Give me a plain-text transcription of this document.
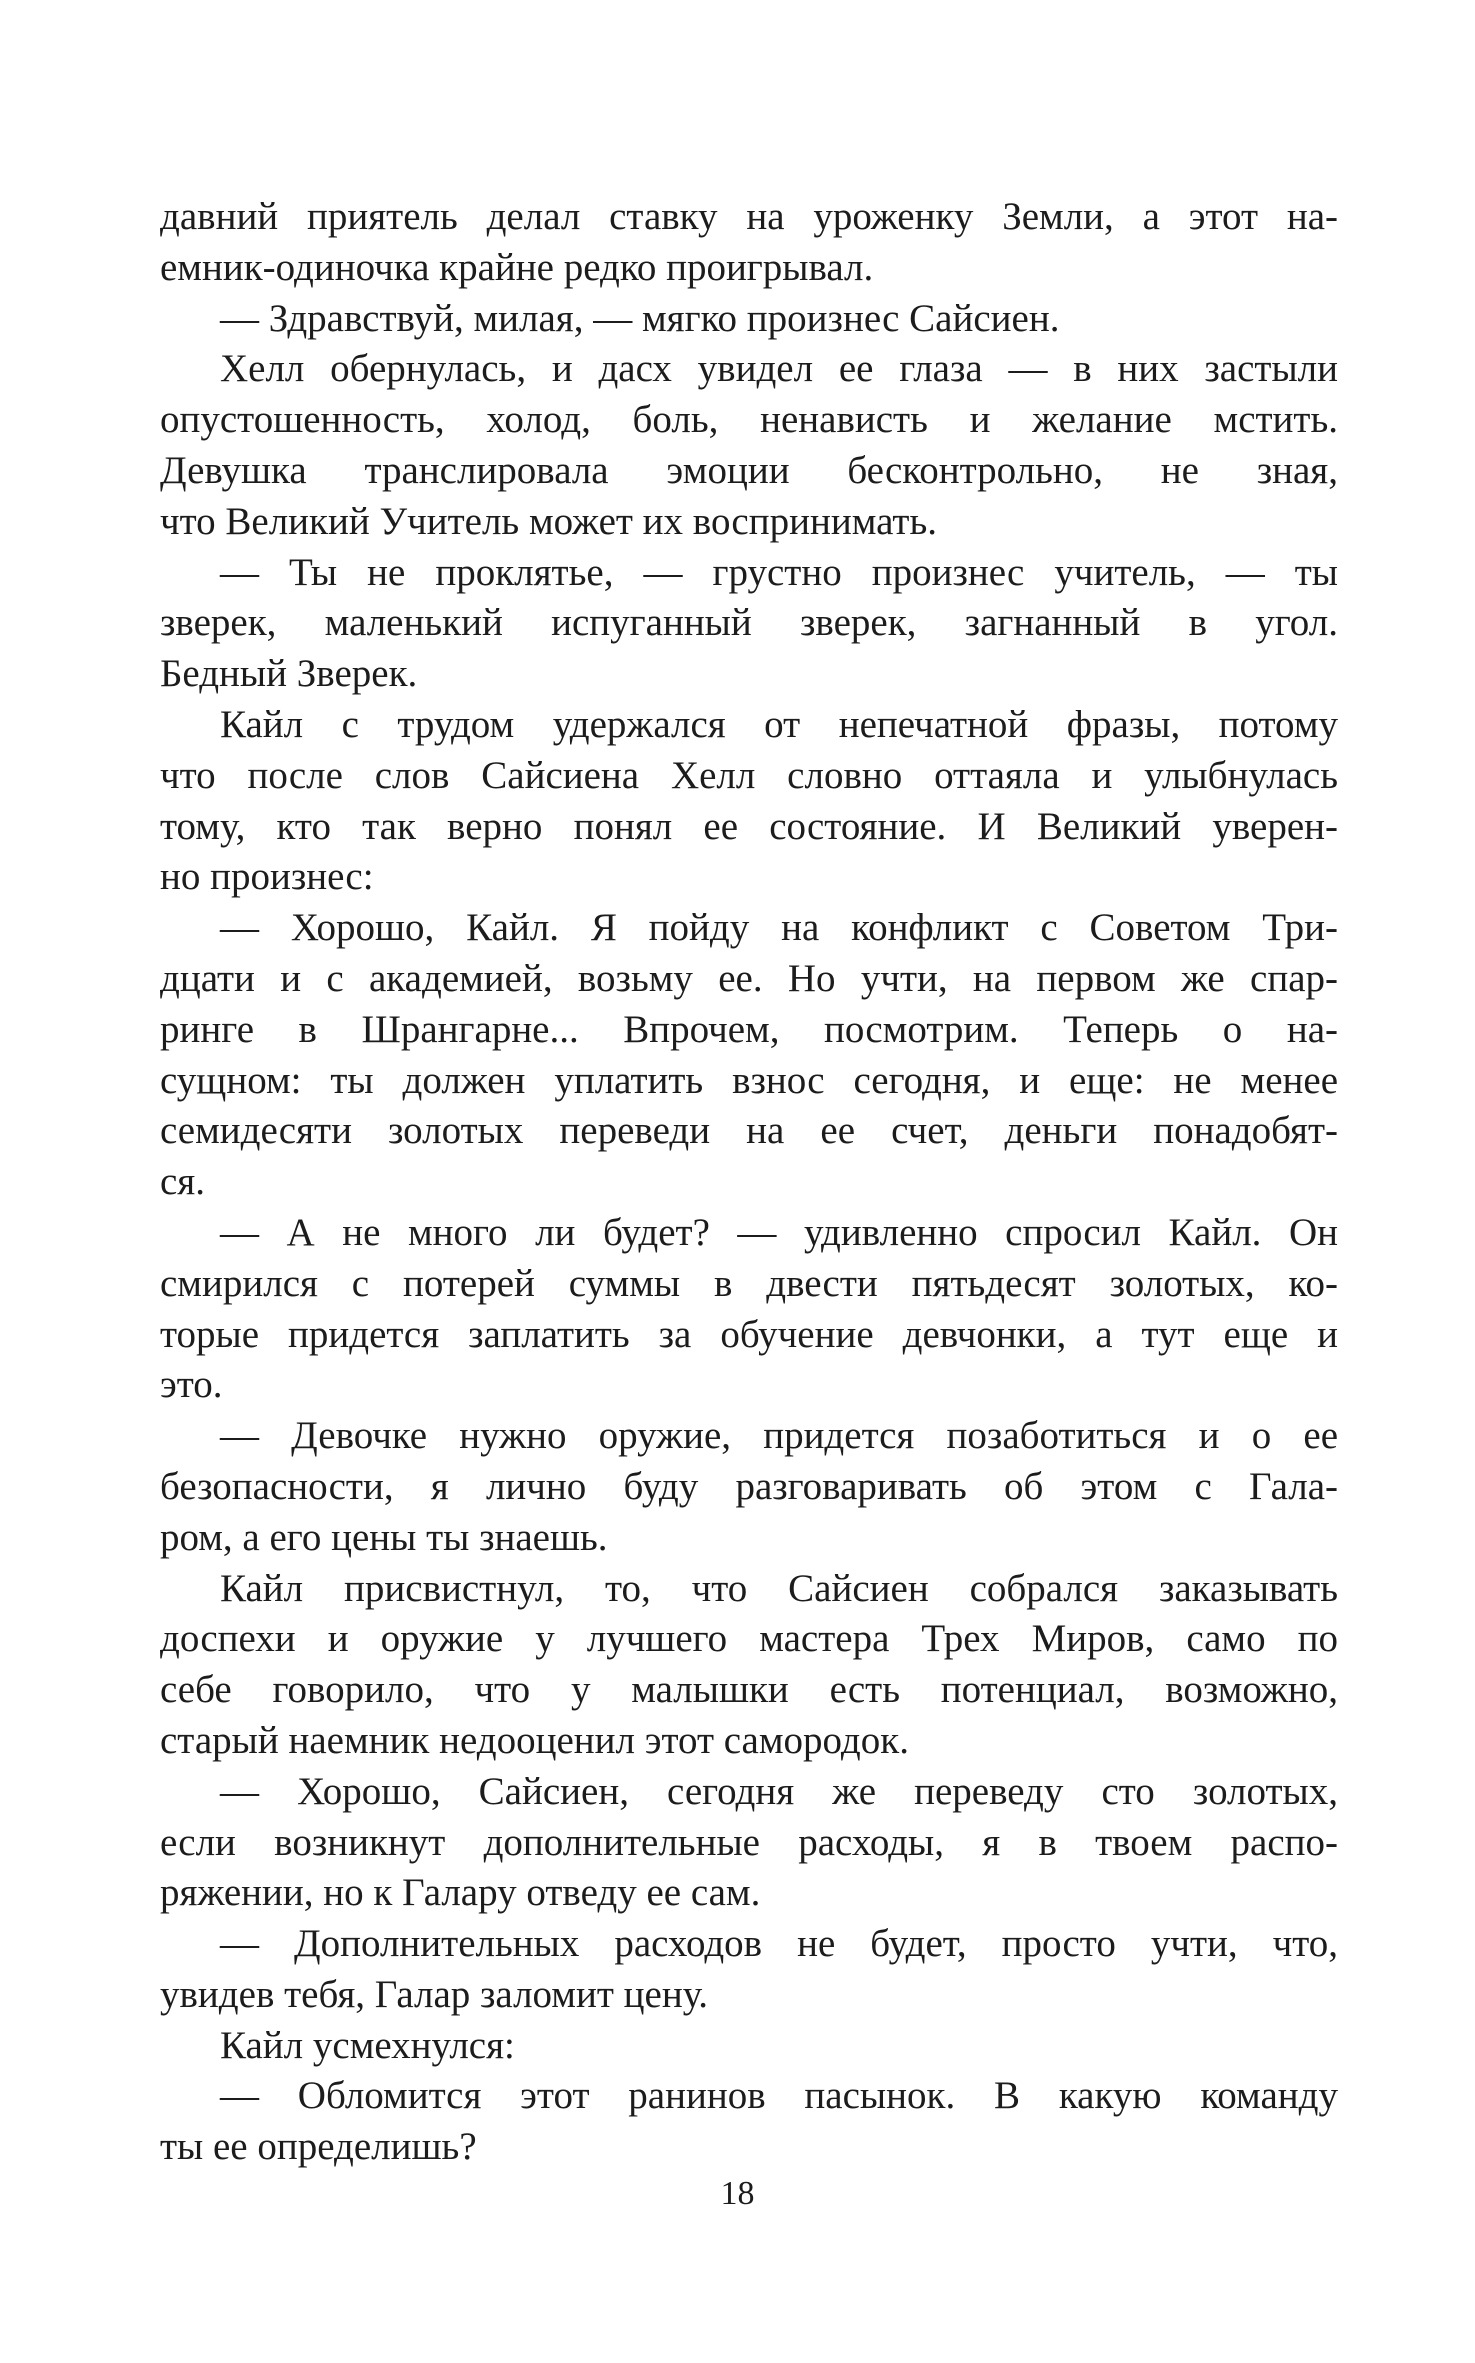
давний приятель делал ставку на уроженку Земли, а этот на-
емник-одиночка крайне редко проигрывал.
— Здравствуй, милая, — мягко произнес Сайсиен.
Хелл обернулась, и дасх увидел ее глаза — в них застыли
опустошенность, холод, боль, ненависть и желание мстить.
Девушка транслировала эмоции бесконтрольно, не зная,
что Великий Учитель может их воспринимать.
— Ты не проклятье, — грустно произнес учитель, — ты
зверек, маленький испуганный зверек, загнанный в угол.
Бедный Зверек.
Кайл с трудом удержался от непечатной фразы, потому
что после слов Сайсиена Хелл словно оттаяла и улыбнулась
тому, кто так верно понял ее состояние. И Великий уверен-
но произнес:
— Хорошо, Кайл. Я пойду на конфликт с Советом Три-
дцати и с академией, возьму ее. Но учти, на первом же спар-
ринге в Шрангарне... Впрочем, посмотрим. Теперь о на-
сущном: ты должен уплатить взнос сегодня, и еще: не менее
семидесяти золотых переведи на ее счет, деньги понадобят-
ся.
— А не много ли будет? — удивленно спросил Кайл. Он
смирился с потерей суммы в двести пятьдесят золотых, ко-
торые придется заплатить за обучение девчонки, а тут еще и
это.
— Девочке нужно оружие, придется позаботиться и о ее
безопасности, я лично буду разговаривать об этом с Гала-
ром, а его цены ты знаешь.
Кайл присвистнул, то, что Сайсиен собрался заказывать
доспехи и оружие у лучшего мастера Трех Миров, само по
себе говорило, что у малышки есть потенциал, возможно,
старый наемник недооценил этот самородок.
— Хорошо, Сайсиен, сегодня же переведу сто золотых,
если возникнут дополнительные расходы, я в твоем распо-
ряжении, но к Галару отведу ее сам.
— Дополнительных расходов не будет, просто учти, что,
увидев тебя, Галар заломит цену.
Кайл усмехнулся:
— Обломится этот ранинов пасынок. В какую команду
ты ее определишь?
18
